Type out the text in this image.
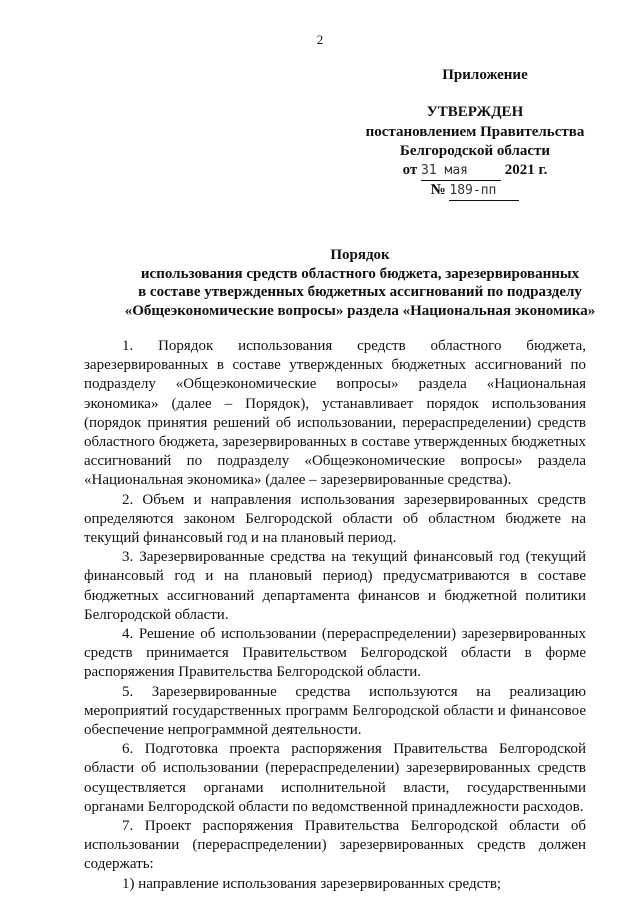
2
Приложение
УТВЕРЖДЕН
постановлением Правительства
Белгородской области
от 31 мая 2021 г.
№ 189-пп
Порядок
использования средств областного бюджета, зарезервированных
в составе утвержденных бюджетных ассигнований по подразделу
«Общеэкономические вопросы» раздела «Национальная экономика»

1. Порядок использования средств областного бюджета, зарезервированных в составе утвержденных бюджетных ассигнований по подразделу «Общеэкономические вопросы» раздела «Национальная экономика» (далее – Порядок), устанавливает порядок использования (порядок принятия решений об использовании, перераспределении) средств областного бюджета, зарезервированных в составе утвержденных бюджетных ассигнований по подразделу «Общеэкономические вопросы» раздела «Национальная экономика» (далее – зарезервированные средства).

2. Объем и направления использования зарезервированных средств определяются законом Белгородской области об областном бюджете на текущий финансовый год и на плановый период.

3. Зарезервированные средства на текущий финансовый год (текущий финансовый год и на плановый период) предусматриваются в составе бюджетных ассигнований департамента финансов и бюджетной политики Белгородской области.

4. Решение об использовании (перераспределении) зарезервированных средств принимается Правительством Белгородской области в форме распоряжения Правительства Белгородской области.

5. Зарезервированные средства используются на реализацию мероприятий государственных программ Белгородской области и финансовое обеспечение непрограммной деятельности.

6. Подготовка проекта распоряжения Правительства Белгородской области об использовании (перераспределении) зарезервированных средств осуществляется органами исполнительной власти, государственными органами Белгородской области по ведомственной принадлежности расходов.

7. Проект распоряжения Правительства Белгородской области об использовании (перераспределении) зарезервированных средств должен содержать:

1) направление использования зарезервированных средств;
